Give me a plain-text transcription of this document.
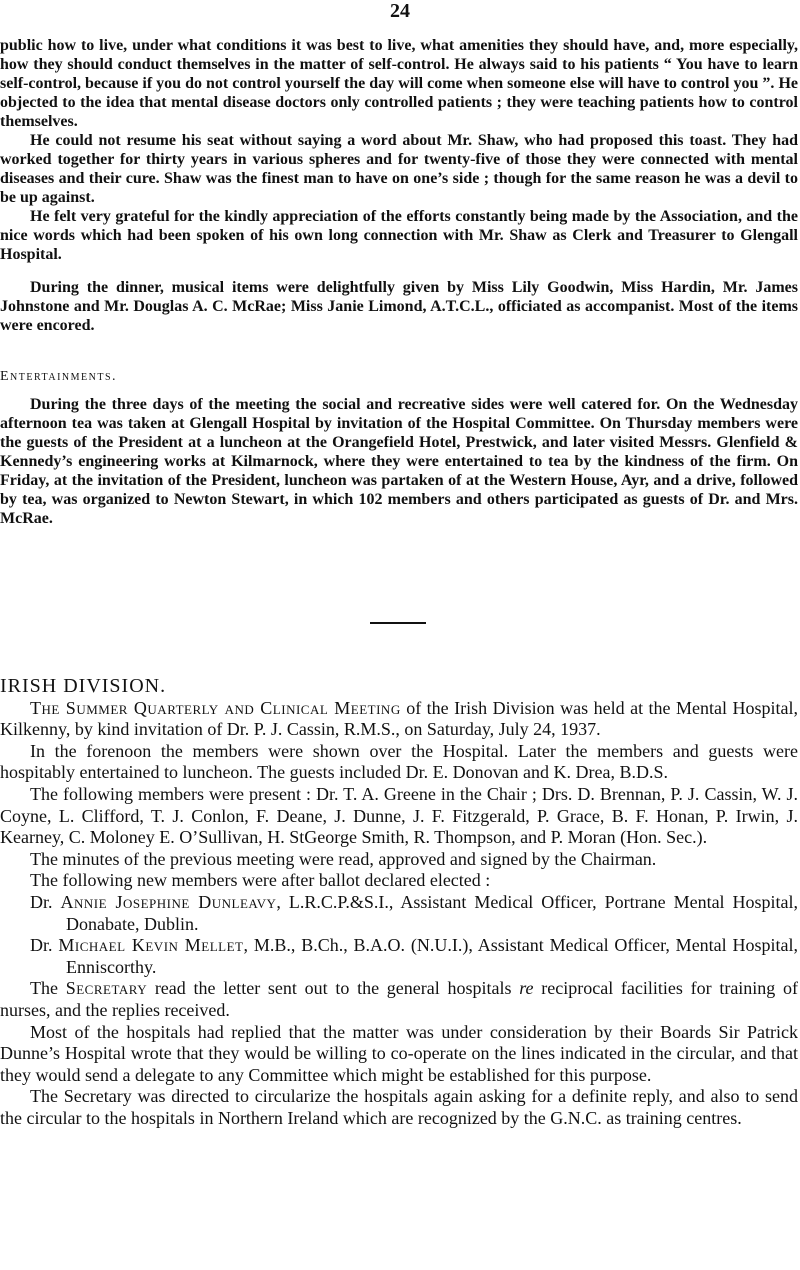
24

public how to live, under what conditions it was best to live, what amenities they should have, and, more especially, how they should conduct themselves in the matter of self-control. He always said to his patients “ You have to learn self-control, because if you do not control yourself the day will come when someone else will have to control you ”. He objected to the idea that mental disease doctors only controlled patients ; they were teaching patients how to control themselves.

He could not resume his seat without saying a word about Mr. Shaw, who had proposed this toast. They had worked together for thirty years in various spheres and for twenty-five of those they were connected with mental diseases and their cure. Shaw was the finest man to have on one’s side ; though for the same reason he was a devil to be up against.

He felt very grateful for the kindly appreciation of the efforts constantly being made by the Association, and the nice words which had been spoken of his own long connection with Mr. Shaw as Clerk and Treasurer to Glengall Hospital.

During the dinner, musical items were delightfully given by Miss Lily Goodwin, Miss Hardin, Mr. James Johnstone and Mr. Douglas A. C. McRae; Miss Janie Limond, A.T.C.L., officiated as accompanist. Most of the items were encored.

Entertainments.

During the three days of the meeting the social and recreative sides were well catered for. On the Wednesday afternoon tea was taken at Glengall Hospital by invitation of the Hospital Committee. On Thursday members were the guests of the President at a luncheon at the Orangefield Hotel, Prestwick, and later visited Messrs. Glenfield & Kennedy’s engineering works at Kilmarnock, where they were entertained to tea by the kindness of the firm. On Friday, at the invitation of the President, luncheon was partaken of at the Western House, Ayr, and a drive, followed by tea, was organized to Newton Stewart, in which 102 members and others participated as guests of Dr. and Mrs. McRae.

IRISH DIVISION.

The Summer Quarterly and Clinical Meeting of the Irish Division was held at the Mental Hospital, Kilkenny, by kind invitation of Dr. P. J. Cassin, R.M.S., on Saturday, July 24, 1937.

In the forenoon the members were shown over the Hospital. Later the members and guests were hospitably entertained to luncheon. The guests included Dr. E. Donovan and K. Drea, B.D.S.

The following members were present : Dr. T. A. Greene in the Chair ; Drs. D. Brennan, P. J. Cassin, W. J. Coyne, L. Clifford, T. J. Conlon, F. Deane, J. Dunne, J. F. Fitzgerald, P. Grace, B. F. Honan, P. Irwin, J. Kearney, C. Moloney E. O’Sullivan, H. StGeorge Smith, R. Thompson, and P. Moran (Hon. Sec.).

The minutes of the previous meeting were read, approved and signed by the Chairman.

The following new members were after ballot declared elected :

Dr. Annie Josephine Dunleavy, L.R.C.P.&S.I., Assistant Medical Officer, Portrane Mental Hospital, Donabate, Dublin.

Dr. Michael Kevin Mellet, M.B., B.Ch., B.A.O. (N.U.I.), Assistant Medical Officer, Mental Hospital, Enniscorthy.

The Secretary read the letter sent out to the general hospitals re reciprocal facilities for training of nurses, and the replies received.

Most of the hospitals had replied that the matter was under consideration by their Boards Sir Patrick Dunne’s Hospital wrote that they would be willing to co-operate on the lines indicated in the circular, and that they would send a delegate to any Committee which might be established for this purpose.

The Secretary was directed to circularize the hospitals again asking for a definite reply, and also to send the circular to the hospitals in Northern Ireland which are recognized by the G.N.C. as training centres.
